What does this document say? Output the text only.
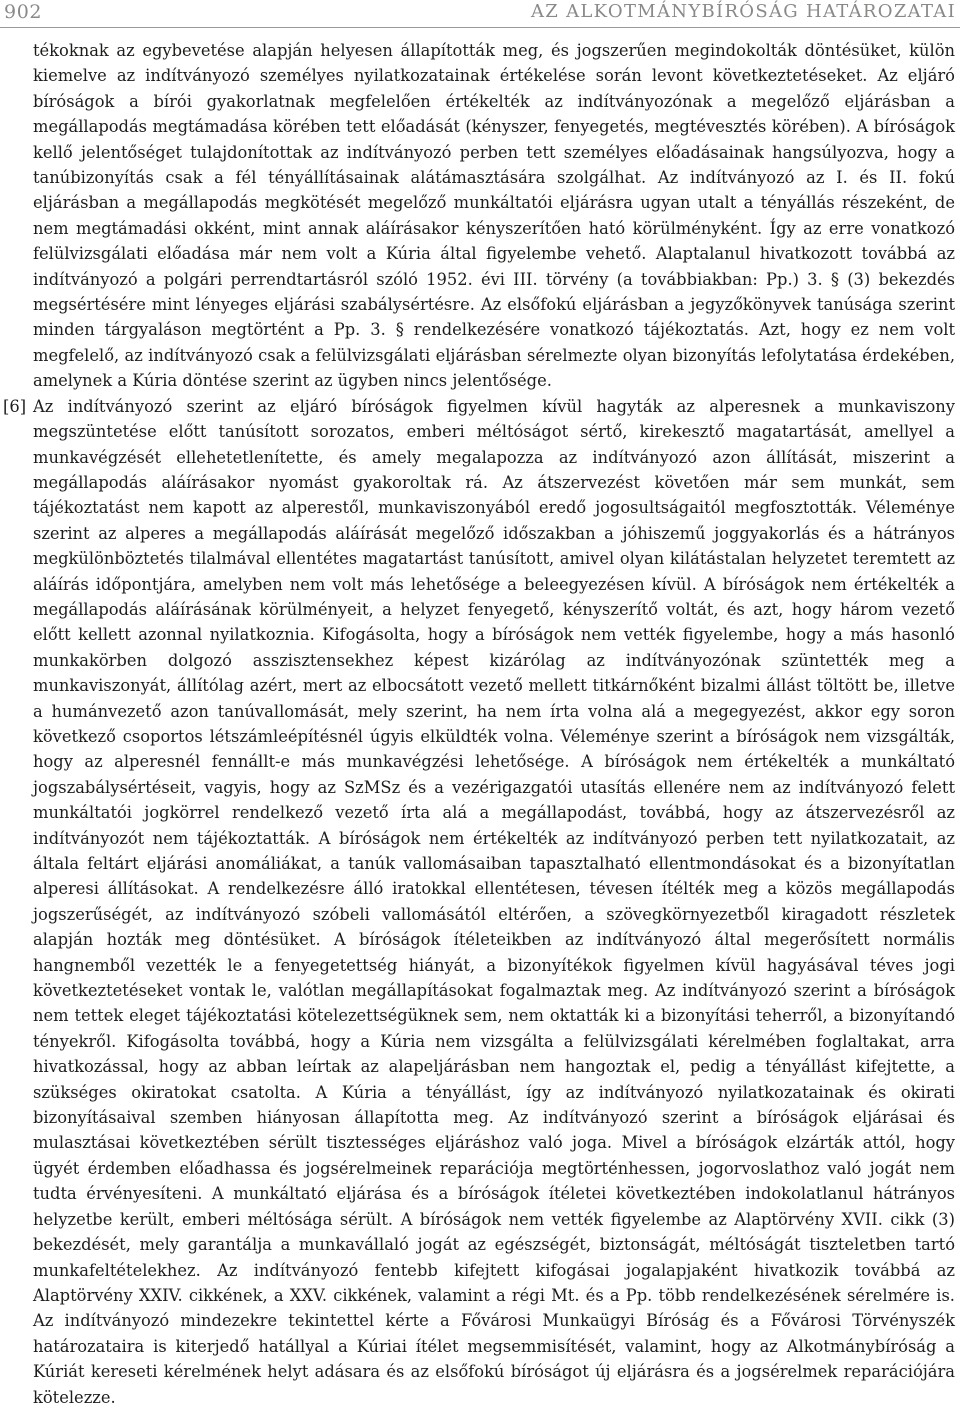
902	AZ ALKOTMÁNYBÍRÓSÁG HATÁROZATAI

tékoknak az egybevetése alapján helyesen állapították meg, és jogszerűen megindokolták döntésüket, külön kiemelve az indítványozó személyes nyilatkozatainak értékelése során levont következtetéseket. Az eljáró bíróságok a bírói gyakorlatnak megfelelően értékelték az indítványozónak a megelőző eljárásban a megállapodás megtámadása körében tett előadását (kényszer, fenyegetés, megtévesztés körében). A bíróságok kellő jelentőséget tulajdonítottak az indítványozó perben tett személyes előadásainak hangsúlyozva, hogy a tanúbizonyítás csak a fél tényállításainak alátámasztására szolgálhat. Az indítványozó az I. és II. fokú eljárásban a megállapodás megkötését megelőző munkáltatói eljárásra ugyan utalt a tényállás részeként, de nem megtámadási okként, mint annak aláírásakor kényszerítően ható körülményként. Így az erre vonatkozó felülvizsgálati előadása már nem volt a Kúria által figyelembe vehető. Alaptalanul hivatkozott továbbá az indítványozó a polgári perrendtartásról szóló 1952. évi III. törvény (a továbbiakban: Pp.) 3. § (3) bekezdés megsértésére mint lényeges eljárási szabálysértésre. Az elsőfokú eljárásban a jegyzőkönyvek tanúsága szerint minden tárgyaláson megtörtént a Pp. 3. § rendelkezésére vonatkozó tájékoztatás. Azt, hogy ez nem volt megfelelő, az indítványozó csak a felülvizsgálati eljárásban sérelmezte olyan bizonyítás lefolytatása érdekében, amelynek a Kúria döntése szerint az ügyben nincs jelentősége.

[6] Az indítványozó szerint az eljáró bíróságok figyelmen kívül hagyták az alperesnek a munkaviszony megszüntetése előtt tanúsított sorozatos, emberi méltóságot sértő, kirekesztő magatartását, amellyel a munkavégzését ellehetetlenítette, és amely megalapozza az indítványozó azon állítását, miszerint a megállapodás aláírásakor nyomást gyakoroltak rá. Az átszervezést követően már sem munkát, sem tájékoztatást nem kapott az alperestől, munkaviszonyából eredő jogosultságaitól megfosztották. Véleménye szerint az alperes a megállapodás aláírását megelőző időszakban a jóhiszemű joggyakorlás és a hátrányos megkülönböztetés tilalmával ellentétes magatartást tanúsított, amivel olyan kilátástalan helyzetet teremtett az aláírás időpontjára, amelyben nem volt más lehetősége a beleegyezésen kívül. A bíróságok nem értékelték a megállapodás aláírásának körülményeit, a helyzet fenyegető, kényszerítő voltát, és azt, hogy három vezető előtt kellett azonnal nyilatkoznia. Kifogásolta, hogy a bíróságok nem vették figyelembe, hogy a más hasonló munkakörben dolgozó asszisztensekhez képest kizárólag az indítványozónak szüntették meg a munkaviszonyát, állítólag azért, mert az elbocsátott vezető mellett titkárnőként bizalmi állást töltött be, illetve a humánvezető azon tanúvallomását, mely szerint, ha nem írta volna alá a megegyezést, akkor egy soron következő csoportos létszámleépítésnél úgyis elküldték volna. Véleménye szerint a bíróságok nem vizsgálták, hogy az alperesnél fennállt-e más munkavégzési lehetősége. A bíróságok nem értékelték a munkáltató jogszabálysértéseit, vagyis, hogy az SzMSz és a vezérigazgatói utasítás ellenére nem az indítványozó felett munkáltatói jogkörrel rendelkező vezető írta alá a megállapodást, továbbá, hogy az átszervezésről az indítványozót nem tájékoztatták. A bíróságok nem értékelték az indítványozó perben tett nyilatkozatait, az általa feltárt eljárási anomáliákat, a tanúk vallomásaiban tapasztalható ellentmondásokat és a bizonyítatlan alperesi állításokat. A rendelkezésre álló iratokkal ellentétesen, tévesen ítélték meg a közös megállapodás jogszerűségét, az indítványozó szóbeli vallomásától eltérően, a szövegkörnyezetből kiragadott részletek alapján hozták meg döntésüket. A bíróságok ítéleteikben az indítványozó által megerősített normális hangnemből vezették le a fenyegetettség hiányát, a bizonyítékok figyelmen kívül hagyásával téves jogi következtetéseket vontak le, valótlan megállapításokat fogalmaztak meg. Az indítványozó szerint a bíróságok nem tettek eleget tájékoztatási kötelezettségüknek sem, nem oktatták ki a bizonyítási teherről, a bizonyítandó tényekről. Kifogásolta továbbá, hogy a Kúria nem vizsgálta a felülvizsgálati kérelmében foglaltakat, arra hivatkozással, hogy az abban leírtak az alapeljárásban nem hangoztak el, pedig a tényállást kifejtette, a szükséges okiratokat csatolta. A Kúria a tényállást, így az indítványozó nyilatkozatainak és okirati bizonyításaival szemben hiányosan állapította meg. Az indítványozó szerint a bíróságok eljárásai és mulasztásai következtében sérült tisztességes eljáráshoz való joga. Mivel a bíróságok elzárták attól, hogy ügyét érdemben előadhassa és jogsérelmeinek reparációja megtörténhessen, jogorvoslathoz való jogát nem tudta érvényesíteni. A munkáltató eljárása és a bíróságok ítéletei következtében indokolatlanul hátrányos helyzetbe került, emberi méltósága sérült. A bíróságok nem vették figyelembe az Alaptörvény XVII. cikk (3) bekezdését, mely garantálja a munkavállaló jogát az egészségét, biztonságát, méltóságát tiszteletben tartó munkafeltételekhez. Az indítványozó fentebb kifejtett kifogásai jogalapjaként hivatkozik továbbá az Alaptörvény XXIV. cikkének, a XXV. cikkének, valamint a régi Mt. és a Pp. több rendelkezésének sérelmére is. Az indítványozó mindezekre tekintettel kérte a Fővárosi Munkaügyi Bíróság és a Fővárosi Törvényszék határozataira is kiterjedő hatállyal a Kúriai ítélet megsemmisítését, valamint, hogy az Alkotmánybíróság a Kúriát kereseti kérelmének helyt adásara és az elsőfokú bíróságot új eljárásra és a jogsérelmek reparációjára kötelezze.
